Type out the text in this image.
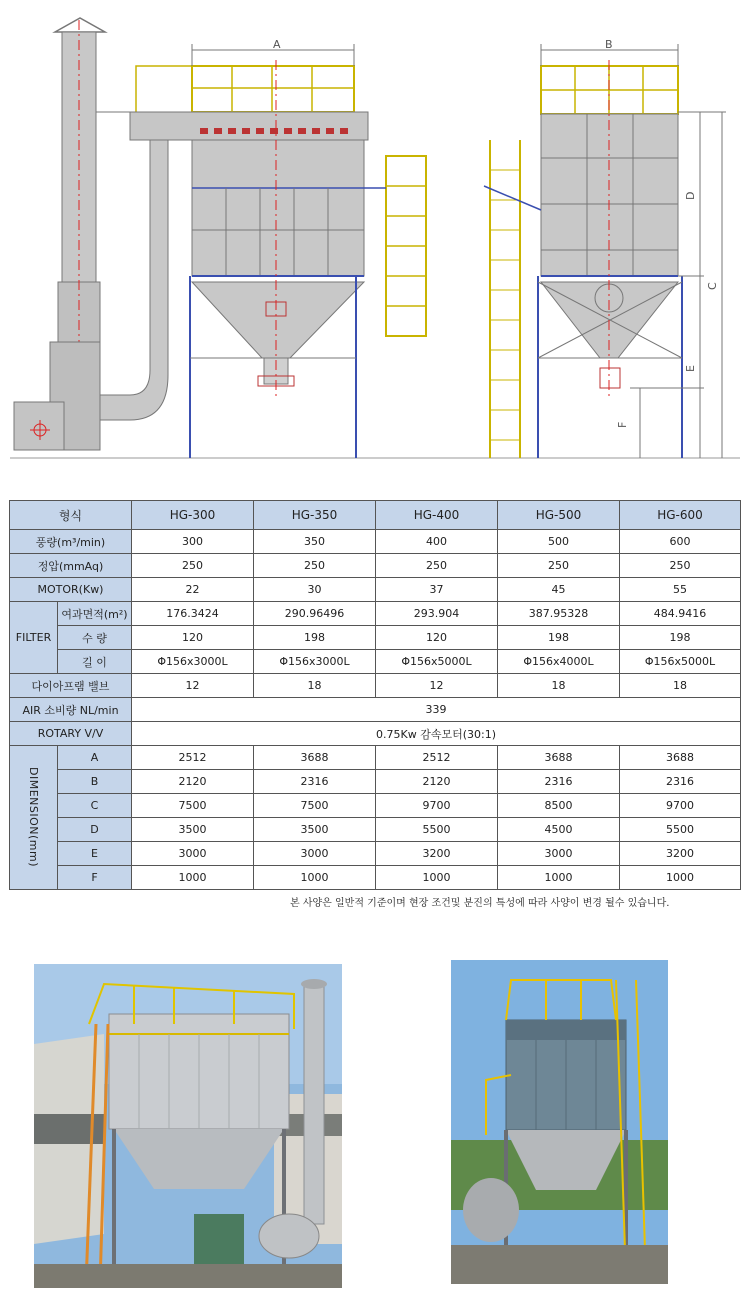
A	B
C
D
E
F
형식		HG-300	HG-350	HG-400	HG-500	HG-600
풍량(m³/min)		300	350	400	500	600
정압(mmAq)		250	250	250	250	250
MOTOR(Kw)		22	30	37	45	55
FILTER	여과면적(m²)	176.3424	290.96496	293.904	387.95328	484.9416
	수 량	120	198	120	198	198
	길 이	Φ156x3000L	Φ156x3000L	Φ156x5000L	Φ156x4000L	Φ156x5000L
다이아프램 밸브		12	18	12	18	18
AIR 소비량 NL/min		339				
ROTARY V/V		0.75Kw 감속모터(30:1)				

DIMENSION(mm)	A	2512	3688	2512	3688	3688
	B	2120	2316	2120	2316	2316
	C	7500	7500	9700	8500	9700
	D	3500	3500	5500	4500	5500
	E	3000	3000	3200	3000	3200
	F	1000	1000	1000	1000	1000
본 사양은 일반적 기준이며 현장 조건및 분진의 특성에 따라 사양이 변경 될수 있습니다.
